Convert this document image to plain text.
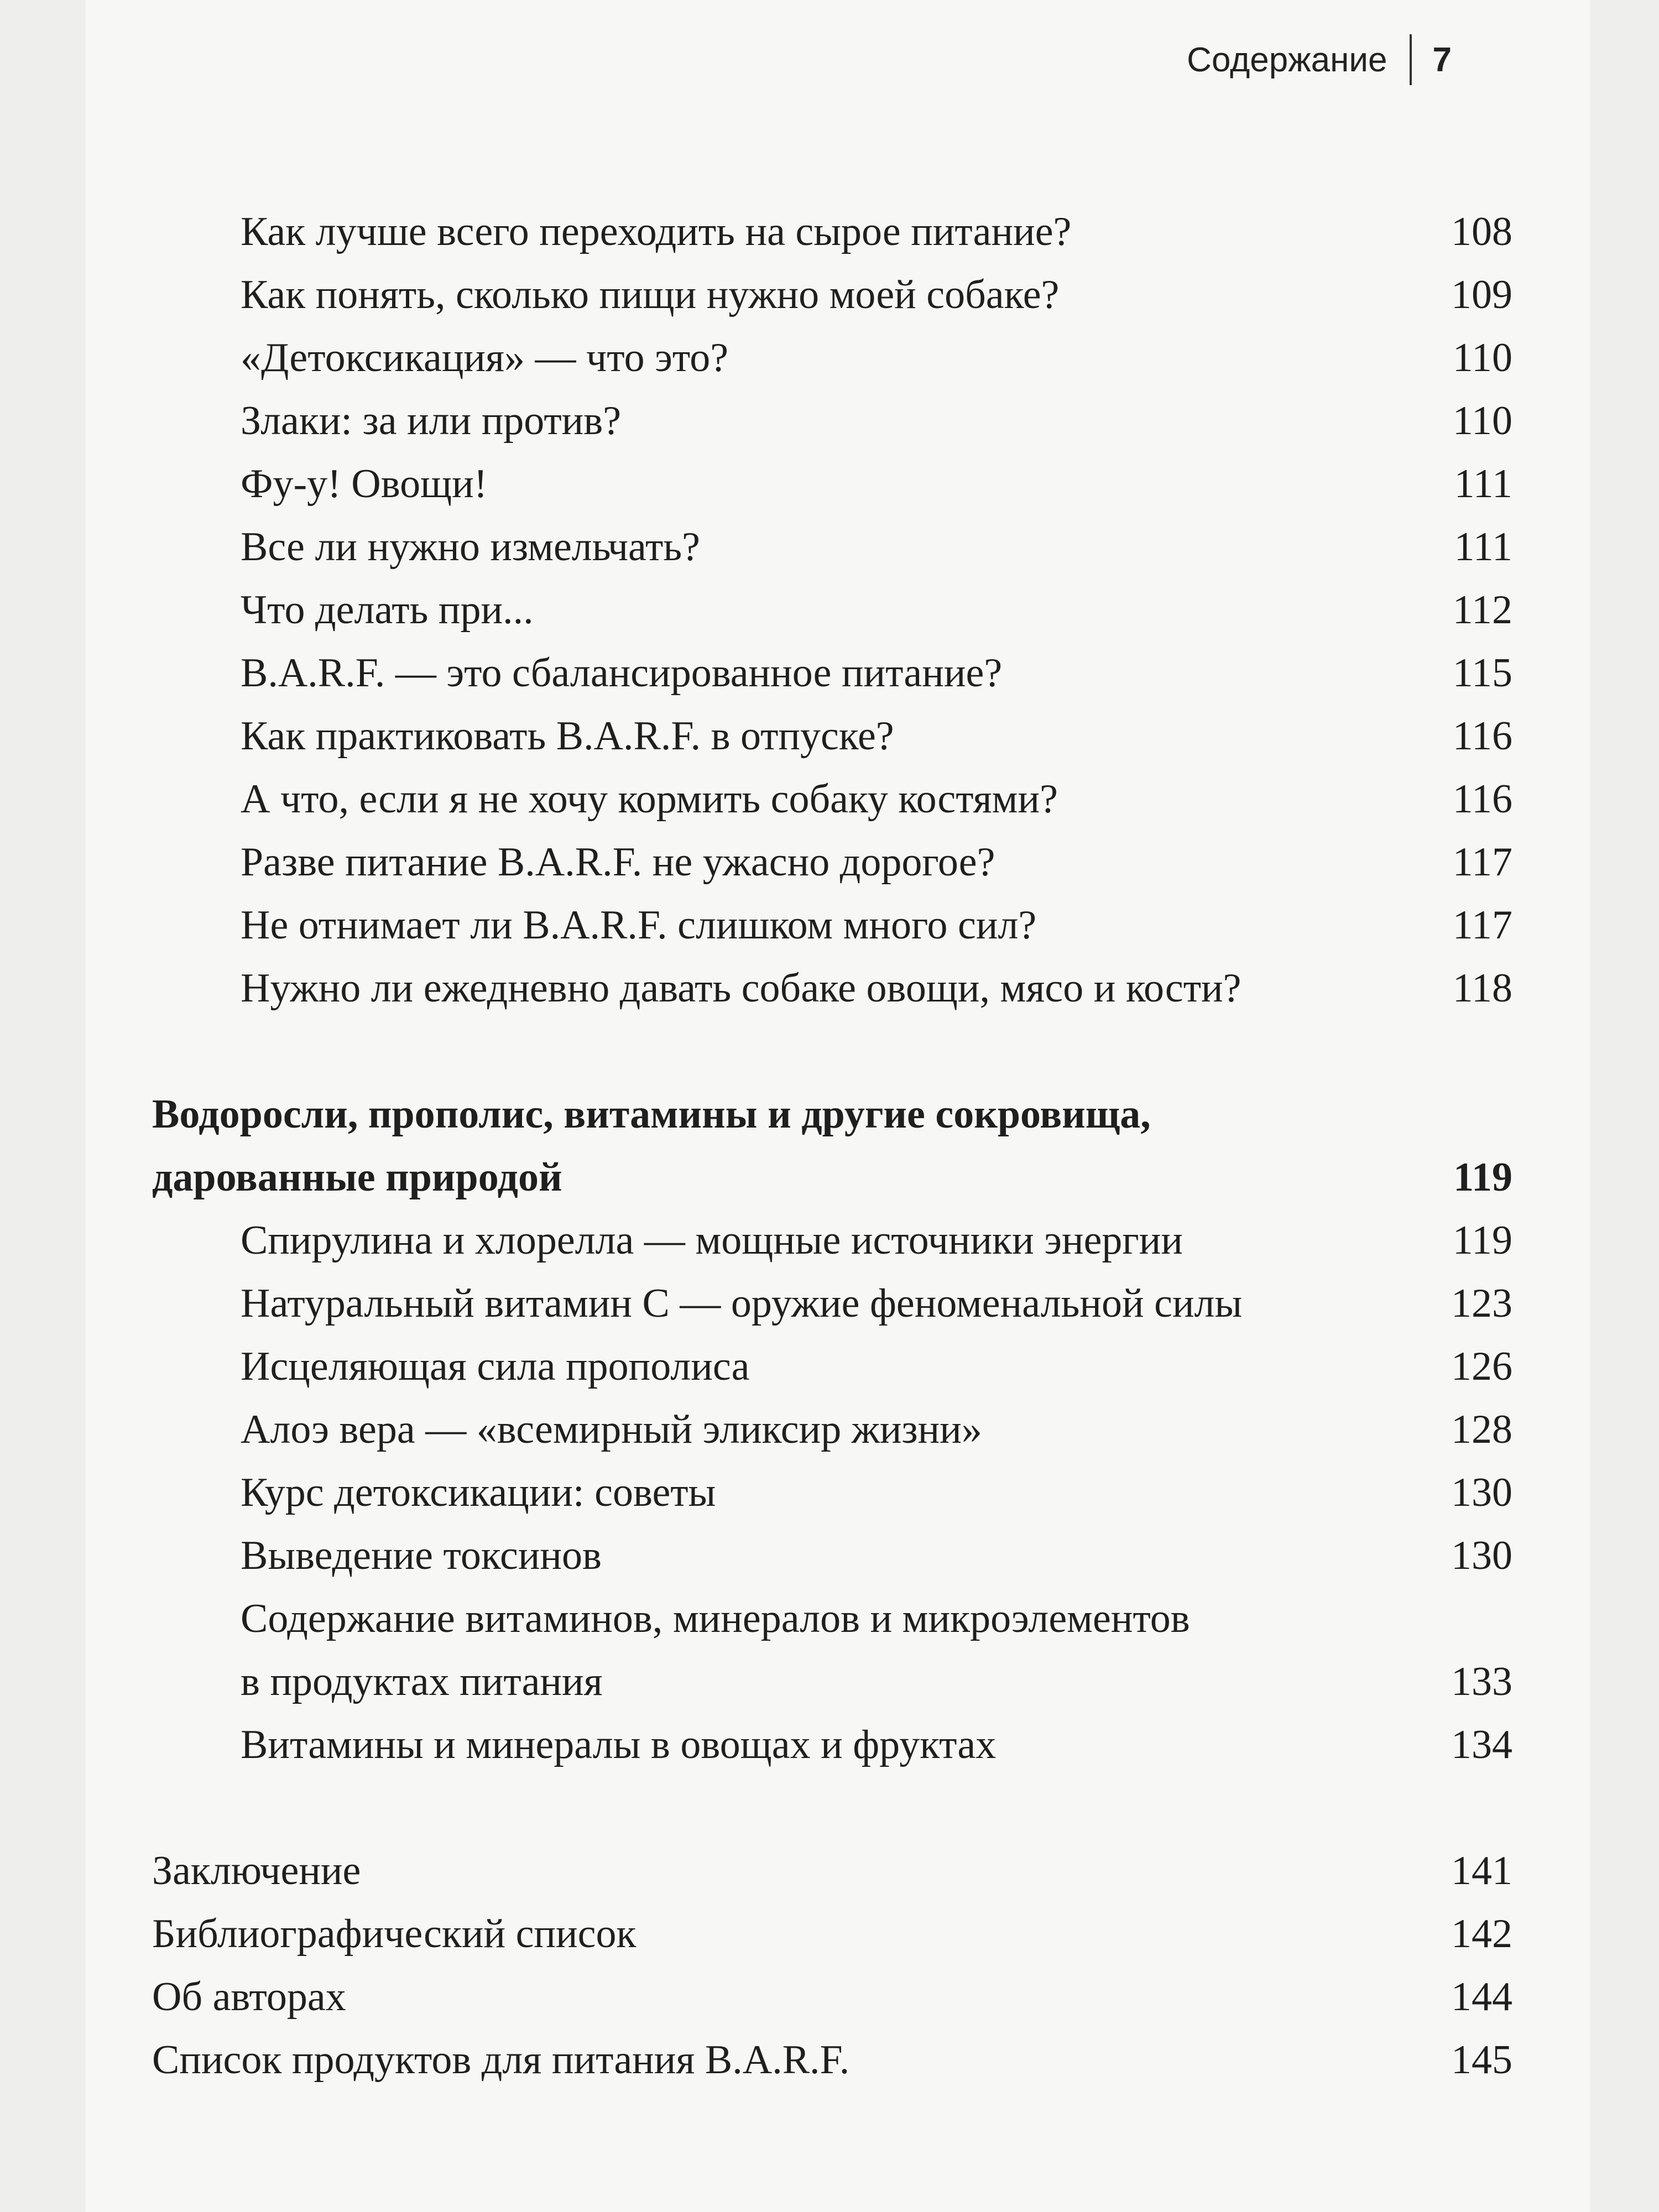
Содержание 7
Как лучше всего переходить на сырое питание?	108
Как понять, сколько пищи нужно моей собаке?	109
«Детоксикация» — что это?	110
Злаки: за или против?	110
Фу-у! Овощи!	111
Все ли нужно измельчать?	111
Что делать при...	112
B.A.R.F. — это сбалансированное питание?	115
Как практиковать B.A.R.F. в отпуске?	116
А что, если я не хочу кормить собаку костями?	116
Разве питание B.A.R.F. не ужасно дорогое?	117
Не отнимает ли B.A.R.F. слишком много сил?	117
Нужно ли ежедневно давать собаке овощи, мясо и кости?	118
Водоросли, прополис, витамины и другие сокровища,
дарованные природой	119
Спирулина и хлорелла — мощные источники энергии	119
Натуральный витамин С — оружие феноменальной силы	123
Исцеляющая сила прополиса	126
Алоэ вера — «всемирный эликсир жизни»	128
Курс детоксикации: советы	130
Выведение токсинов	130
Содержание витаминов, минералов и микроэлементов
в продуктах питания	133
Витамины и минералы в овощах и фруктах	134
Заключение	141
Библиографический список	142
Об авторах	144
Список продуктов для питания B.A.R.F.	145
